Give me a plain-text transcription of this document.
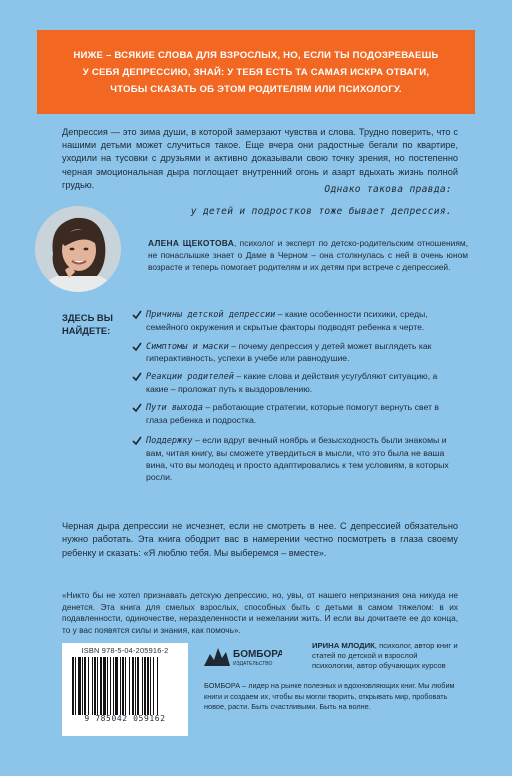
НИЖЕ – ВСЯКИЕ СЛОВА ДЛЯ ВЗРОСЛЫХ, НО, ЕСЛИ ТЫ ПОДОЗРЕВАЕШЬ
У СЕБЯ ДЕПРЕССИЮ, ЗНАЙ: У ТЕБЯ ЕСТЬ ТА САМАЯ ИСКРА ОТВАГИ,
ЧТОБЫ СКАЗАТЬ ОБ ЭТОМ РОДИТЕЛЯМ ИЛИ ПСИХОЛОГУ.
Депрессия — это зима души, в которой замерзают чувства и слова. Трудно поверить, что с нашими детьми может случиться такое. Еще вчера они радостные бегали по квартире, уходили на тусовки с друзьями и активно доказывали свою точку зрения, но постепенно черная эмоциональная дыра поглощает внутренний огонь и азарт вдыхать жизнь полной грудью.	Однако такова правда:
у детей и подростков тоже бывает депрессия.
АЛЕНА ЩЕКОТОВА, психолог и эксперт по детско-родительским отношениям, не понаслышке знает о Даме в Черном – она столкнулась с ней в очень юном возрасте и теперь помогает родителям и их детям при встрече с депрессией.
ЗДЕСЬ ВЫ НАЙДЕТЕ:
Причины детской депрессии – какие особенности психики, среды, семейного окружения и скрытые факторы подводят ребенка к черте.
Симптомы и маски – почему депрессия у детей может выглядеть как гиперактивность, успехи в учебе или равнодушие.
Реакции родителей – какие слова и действия усугубляют ситуацию, а какие – проложат путь к выздоровлению.
Пути выхода – работающие стратегии, которые помогут вернуть свет в глаза ребенка и подростка.
Поддержку – если вдруг вечный ноябрь и безысходность были знакомы и вам, читая книгу, вы сможете утвердиться в мысли, что это была не ваша вина, что вы молодец и просто адаптировались к тем условиям, в которых росли.
Черная дыра депрессии не исчезнет, если не смотреть в нее. С депрессией обязательно нужно работать. Эта книга ободрит вас в намерении честно посмотреть в глаза своему ребенку и сказать: «Я люблю тебя. Мы выберемся – вместе».
«Никто бы не хотел признавать детскую депрессию, но, увы, от нашего непризнания она никуда не денется. Эта книга для смелых взрослых, способных быть с детьми в самом тяжелом: в их подавленности, одиночестве, неразделенности и нежелании жить. И если вы дочитаете ее до конца, то у вас появятся силы и знания, как помочь».
ИРИНА МЛОДИК, психолог, автор книг и статей по детской и взрослой психологии, автор обучающих курсов
ISBN 978-5-04-205916-2
9 785042 059162
БОМБОРА
ИЗДАТЕЛЬСТВО
БОМБОРА – лидер на рынке полезных и вдохновляющих книг. Мы любим книги и создаем их, чтобы вы могли творить, открывать мир, пробовать новое, расти. Быть счастливыми. Быть на волне.
